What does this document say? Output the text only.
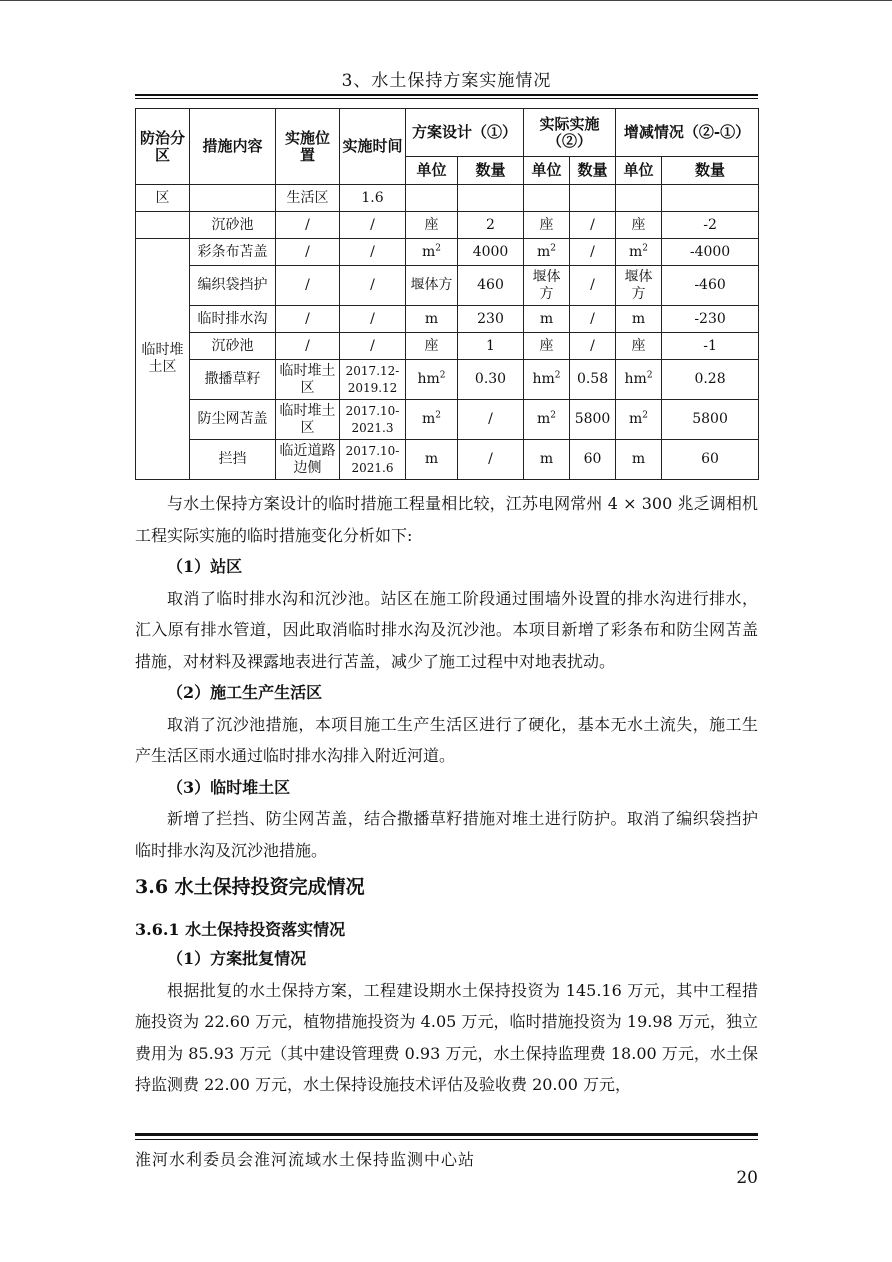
3、水土保持方案实施情况
防治分区	措施内容	实施位置	实施时间	方案设计（①）		实际实施（②）		增减情况（②-①）	
				单位	数量	单位	数量	单位	数量
区		生活区	1.6						
	沉砂池	/	/	座	2	座	/	座	-2
临时堆土区	彩条布苫盖	/	/	$m^2$	4000	$m^2$	/	$m^2$	-4000
	编织袋挡护	/	/	堰体方	460	堰体方	/	堰体方	-460
	临时排水沟	/	/	m	230	m	/	m	-230
	沉砂池	/	/	座	1	座	/	座	-1
	撒播草籽	临时堆土区	2017.12-2019.12	$hm^2$	0.30	$hm^2$	0.58	$hm^2$	0.28
	防尘网苫盖	临时堆土区	2017.10-2021.3	$m^2$	/	$m^2$	5800	$m^2$	5800
	拦挡	临近道路边侧	2017.10-2021.6	m	/	m	60	m	60

与水土保持方案设计的临时措施工程量相比较，江苏电网常州 4 × 300 兆乏调相机工程实际实施的临时措施变化分析如下:

（1）站区

取消了临时排水沟和沉沙池。站区在施工阶段通过围墙外设置的排水沟进行排水，汇入原有排水管道，因此取消临时排水沟及沉沙池。本项目新增了彩条布和防尘网苫盖措施，对材料及裸露地表进行苫盖，减少了施工过程中对地表扰动。

（2）施工生产生活区

取消了沉沙池措施，本项目施工生产生活区进行了硬化，基本无水土流失，施工生产生活区雨水通过临时排水沟排入附近河道。

（3）临时堆土区

新增了拦挡、防尘网苫盖，结合撒播草籽措施对堆土进行防护。取消了编织袋挡护临时排水沟及沉沙池措施。

3.6 水土保持投资完成情况
3.6.1 水土保持投资落实情况

（1）方案批复情况

根据批复的水土保持方案，工程建设期水土保持投资为 145.16 万元，其中工程措施投资为 22.60 万元，植物措施投资为 4.05 万元，临时措施投资为 19.98 万元，独立费用为 85.93 万元（其中建设管理费 0.93 万元，水土保持监理费 18.00 万元，水土保持监测费 22.00 万元，水土保持设施技术评估及验收费 20.00 万元，

淮河水利委员会淮河流域水土保持监测中心站
20
